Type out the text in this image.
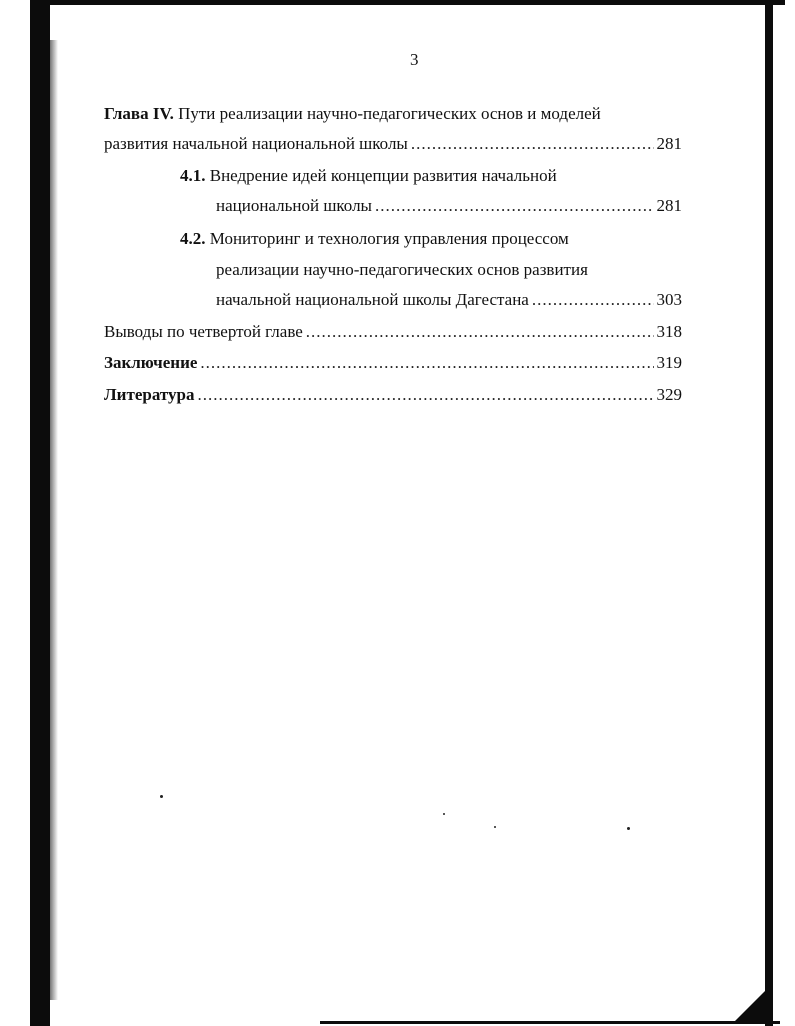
3
Глава IV. Пути реализации научно-педагогических основ и моделей
развития начальной национальной школы .....	281
4.1. Внедрение идей концепции развития начальной
национальной школы .....	281
4.2. Мониторинг и технология управления процессом
реализации научно-педагогических основ развития
начальной национальной школы Дагестана .....	303
Выводы по четвертой главе .....	318
Заключение .....	319
Литература .....	329
